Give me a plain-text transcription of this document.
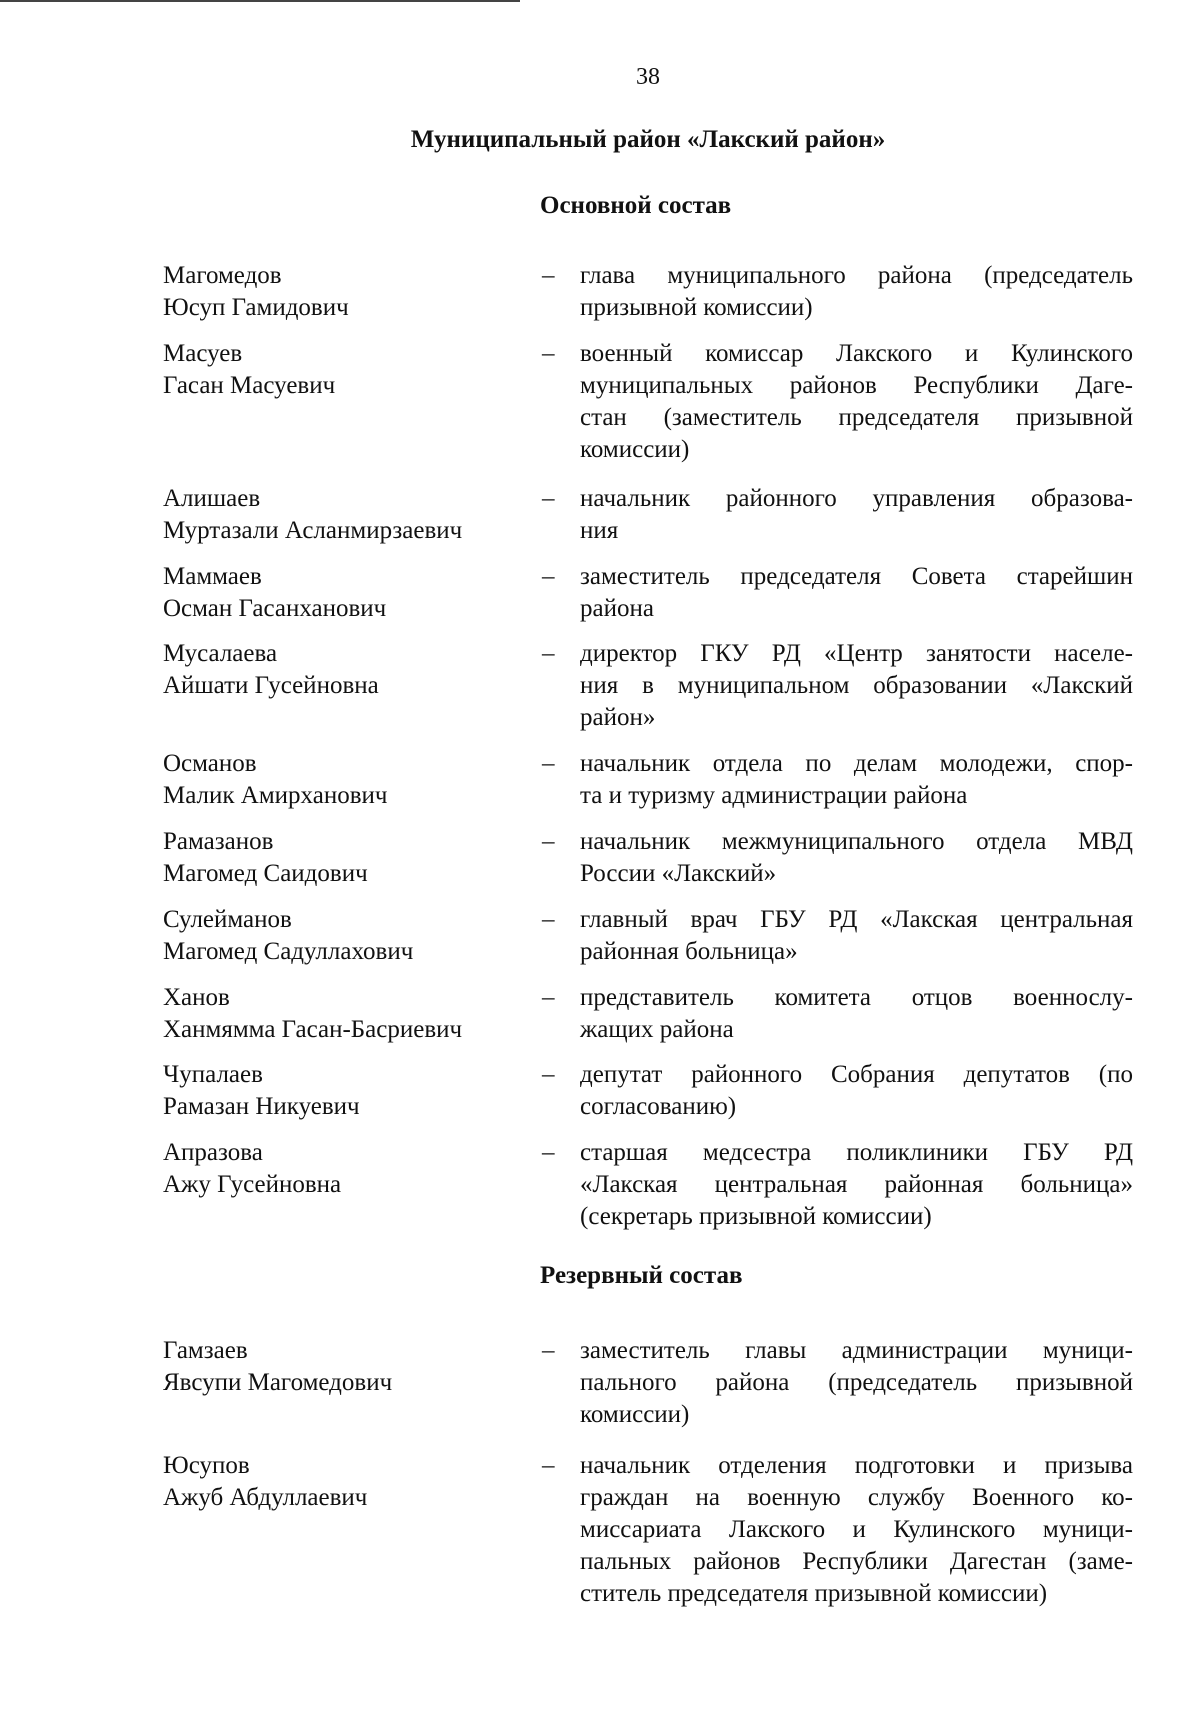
38
Муниципальный район «Лакский район»
Основной состав
Резервный состав
Магомедов
Юсуп Гамидович
– глава муниципального района (председатель
призывной комиссии)
Масуев
Гасан Масуевич
– военный комиссар Лакского и Кулинского
муниципальных районов Республики Даге-
стан (заместитель председателя призывной
комиссии)
Алишаев
Муртазали Асланмирзаевич
– начальник районного управления образова-
ния
Маммаев
Осман Гасанханович
– заместитель председателя Совета старейшин
района
Мусалаева
Айшати Гусейновна
– директор ГКУ РД «Центр занятости населе-
ния в муниципальном образовании «Лакский
район»
Османов
Малик Амирханович
– начальник отдела по делам молодежи, спор-
та и туризму администрации района
Рамазанов
Магомед Саидович
– начальник межмуниципального отдела МВД
России «Лакский»
Сулейманов
Магомед Садуллахович
– главный врач ГБУ РД «Лакская центральная
районная больница»
Ханов
Ханмямма Гасан-Басриевич
– представитель комитета отцов военнослу-
жащих района
Чупалаев
Рамазан Никуевич
– депутат районного Собрания депутатов (по
согласованию)
Апразова
Ажу Гусейновна
– старшая медсестра поликлиники ГБУ РД
«Лакская центральная районная больница»
(секретарь призывной комиссии)
Гамзаев
Явсупи Магомедович
– заместитель главы администрации муници-
пального района (председатель призывной
комиссии)
Юсупов
Ажуб Абдуллаевич
– начальник отделения подготовки и призыва
граждан на военную службу Военного ко-
миссариата Лакского и Кулинского муници-
пальных районов Республики Дагестан (заме-
ститель председателя призывной комиссии)
